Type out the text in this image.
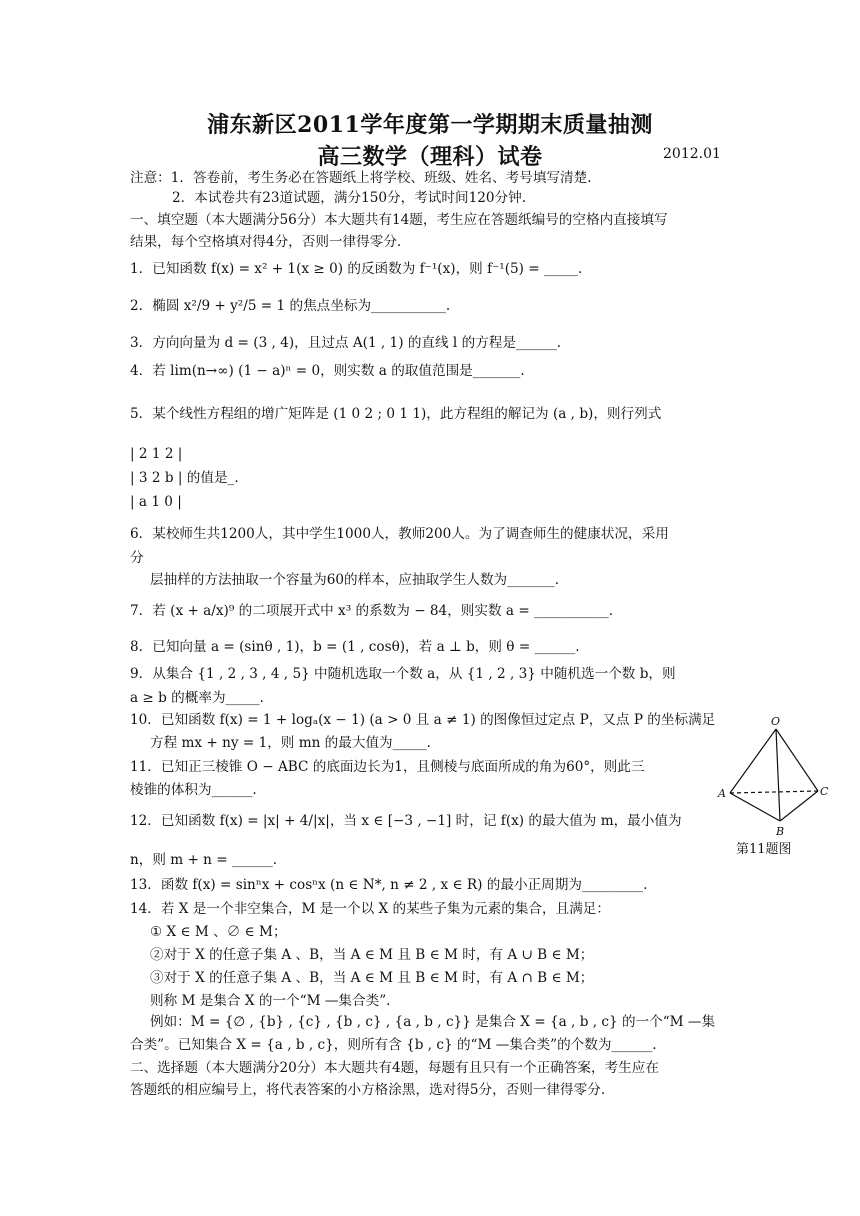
浦东新区2011学年度第一学期期末质量抽测
高三数学（理科）试卷	2012.01
注意：1．答卷前，考生务必在答题纸上将学校、班级、姓名、考号填写清楚.
2．本试卷共有23道试题，满分150分，考试时间120分钟.
一、填空题（本大题满分56分）本大题共有14题，考生应在答题纸编号的空格内直接填写
结果，每个空格填对得4分，否则一律得零分.
1．已知函数 f(x) = x² + 1(x ≥ 0) 的反函数为 f⁻¹(x)，则 f⁻¹(5) = _____.
2．椭圆 x²/9 + y²/5 = 1 的焦点坐标为___________.
3．方向向量为 d = (3 , 4)，且过点 A(1 , 1) 的直线 l 的方程是______.
4．若 lim(n→∞) (1 − a)ⁿ = 0，则实数 a 的取值范围是_______.
5．某个线性方程组的增广矩阵是 (1 0 2 ; 0 1 1)，此方程组的解记为 (a , b)，则行列式
| 2 1 2 |
| 3 2 b | 的值是_.
| a 1 0 |
6．某校师生共1200人，其中学生1000人，教师200人。为了调查师生的健康状况，采用
分
层抽样的方法抽取一个容量为60的样本，应抽取学生人数为_______.
7．若 (x + a/x)⁹ 的二项展开式中 x³ 的系数为 − 84，则实数 a = ___________.
8．已知向量 a = (sinθ , 1)，b = (1 , cosθ)，若 a ⊥ b，则 θ = ______.
9．从集合 {1 , 2 , 3 , 4 , 5} 中随机选取一个数 a，从 {1 , 2 , 3} 中随机选一个数 b，则
a ≥ b 的概率为_____.
10．已知函数 f(x) = 1 + logₐ(x − 1) (a > 0 且 a ≠ 1) 的图像恒过定点 P，又点 P 的坐标满足
方程 mx + ny = 1，则 mn 的最大值为_____.
11．已知正三棱锥 O − ABC 的底面边长为1，且侧棱与底面所成的角为60°，则此三
棱锥的体积为______.
12．已知函数 f(x) = |x| + 4/|x|，当 x ∈ [−3 , −1] 时，记 f(x) 的最大值为 m，最小值为
n，则 m + n = ______.
13．函数 f(x) = sinⁿx + cosⁿx (n ∈ N*, n ≠ 2 , x ∈ R) 的最小正周期为_________.
14．若 X 是一个非空集合，M 是一个以 X 的某些子集为元素的集合，且满足：
① X ∈ M 、∅ ∈ M；
②对于 X 的任意子集 A 、B，当 A ∈ M 且 B ∈ M 时，有 A ∪ B ∈ M；
③对于 X 的任意子集 A 、B，当 A ∈ M 且 B ∈ M 时，有 A ∩ B ∈ M；
则称 M 是集合 X 的一个“M —集合类”.
例如：M = {∅ , {b} , {c} , {b , c} , {a , b , c}} 是集合 X = {a , b , c} 的一个“M —集
合类”。已知集合 X = {a , b , c}，则所有含 {b , c} 的“M —集合类”的个数为______.
二、选择题（本大题满分20分）本大题共有4题，每题有且只有一个正确答案，考生应在
答题纸的相应编号上，将代表答案的小方格涂黑，选对得5分，否则一律得零分.
O
A
B
C
第11题图
